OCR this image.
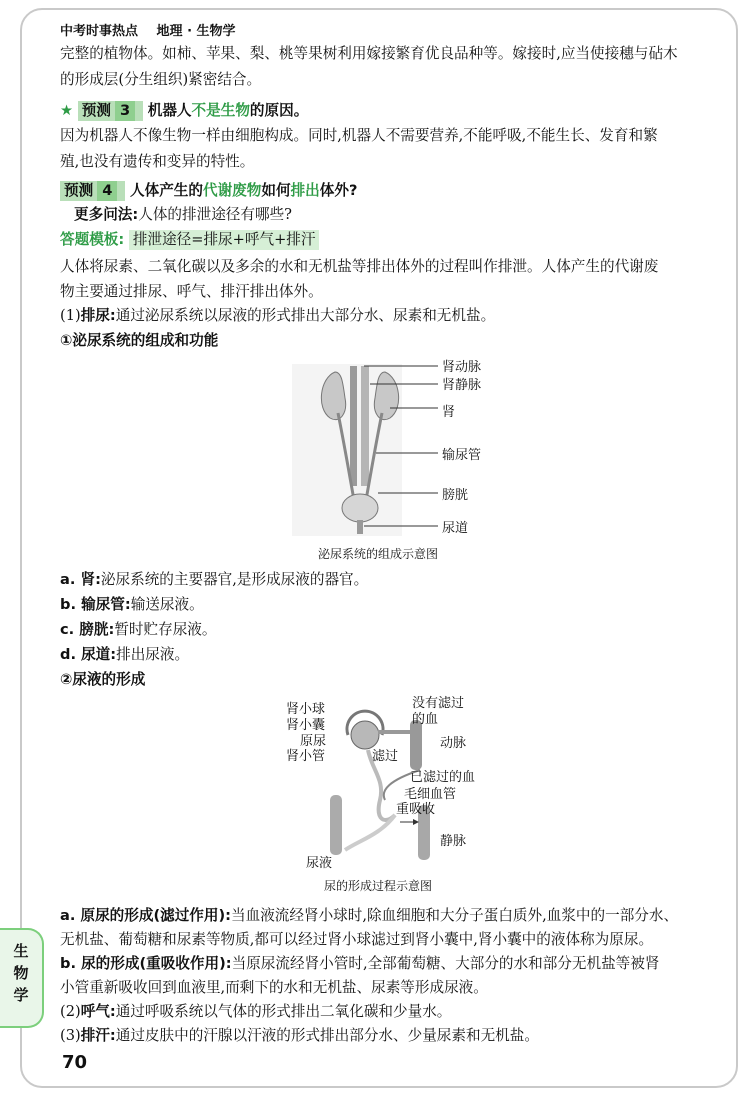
中考时事热点 地理 · 生物学
完整的植物体。如柿、苹果、梨、桃等果树利用嫁接繁育优良品种等。嫁接时,应当使接穗与砧木
的形成层(分生组织)紧密结合。
★ 预测 3 机器人不是生物的原因。
因为机器人不像生物一样由细胞构成。同时,机器人不需要营养,不能呼吸,不能生长、发育和繁
殖,也没有遗传和变异的特性。
预测 4 人体产生的代谢废物如何排出体外?
更多问法:人体的排泄途径有哪些?
答题模板: 排泄途径=排尿+呼气+排汗
人体将尿素、二氧化碳以及多余的水和无机盐等排出体外的过程叫作排泄。人体产生的代谢废
物主要通过排尿、呼气、排汗排出体外。
(1)排尿:通过泌尿系统以尿液的形式排出大部分水、尿素和无机盐。
①泌尿系统的组成和功能
肾动脉
肾静脉
肾
输尿管
膀胱
尿道
泌尿系统的组成示意图
a. 肾:泌尿系统的主要器官,是形成尿液的器官。
b. 输尿管:输送尿液。
c. 膀胱:暂时贮存尿液。
d. 尿道:排出尿液。
②尿液的形成
肾小球
肾小囊
原尿
肾小管
没有滤过
的血
动脉
滤过
已滤过的血
毛细血管
重吸收
静脉
尿液
尿的形成过程示意图
a. 原尿的形成(滤过作用):当血液流经肾小球时,除血细胞和大分子蛋白质外,血浆中的一部分水、
无机盐、葡萄糖和尿素等物质,都可以经过肾小球滤过到肾小囊中,肾小囊中的液体称为原尿。
b. 尿的形成(重吸收作用):当原尿流经肾小管时,全部葡萄糖、大部分的水和部分无机盐等被肾
小管重新吸收回到血液里,而剩下的水和无机盐、尿素等形成尿液。
(2)呼气:通过呼吸系统以气体的形式排出二氧化碳和少量水。
(3)排汗:通过皮肤中的汗腺以汗液的形式排出部分水、少量尿素和无机盐。
生
物
学
70
